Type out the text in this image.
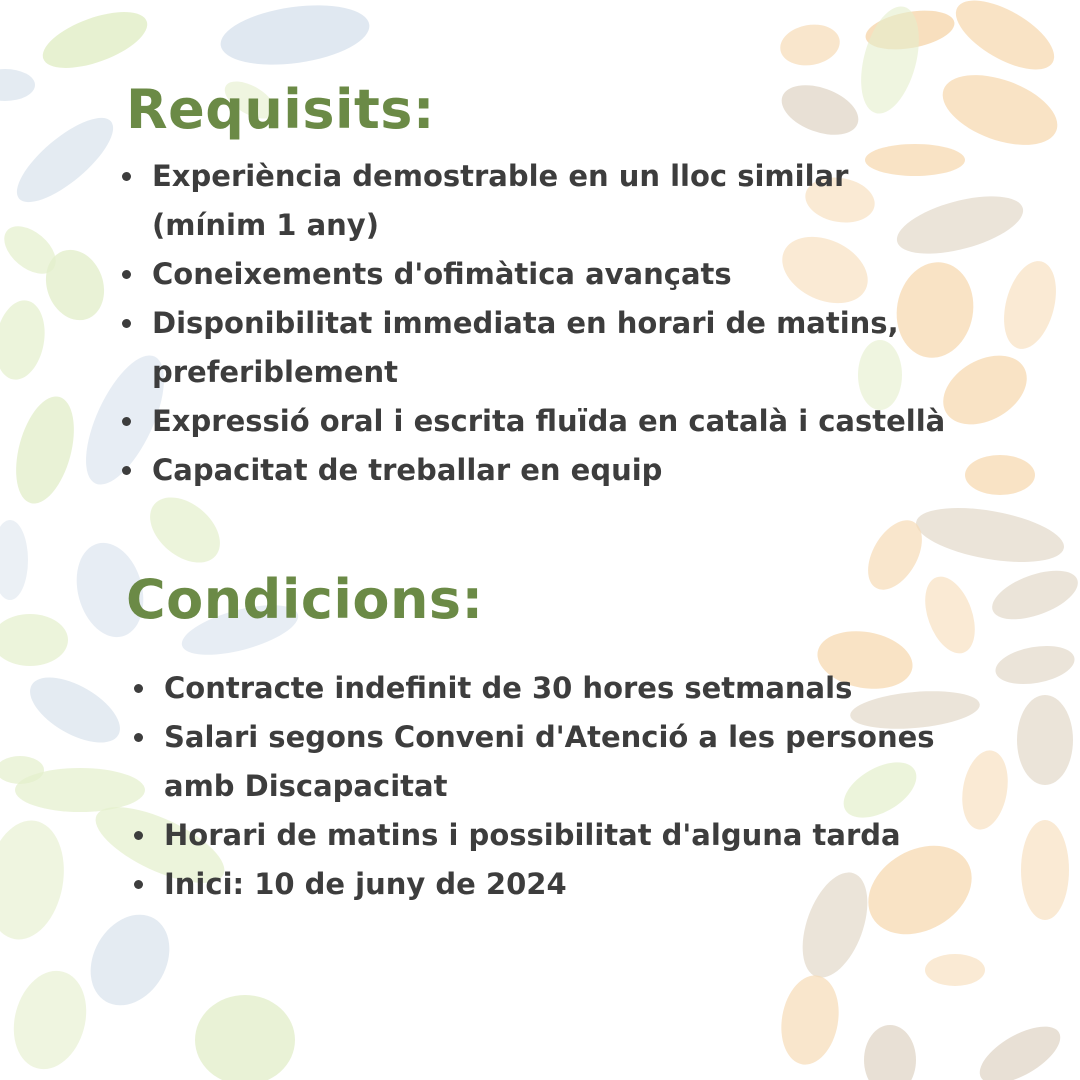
Requisits:
Experiència demostrable en un lloc similar (mínim 1 any)
Coneixements d'ofimàtica avançats
Disponibilitat immediata en horari de matins, preferiblement
Expressió oral i escrita fluïda en català i castellà
Capacitat de treballar en equip
Condicions:
Contracte indefinit de 30 hores setmanals
Salari segons Conveni d'Atenció a les persones amb Discapacitat
Horari de matins i possibilitat d'alguna tarda
Inici: 10 de juny de 2024
